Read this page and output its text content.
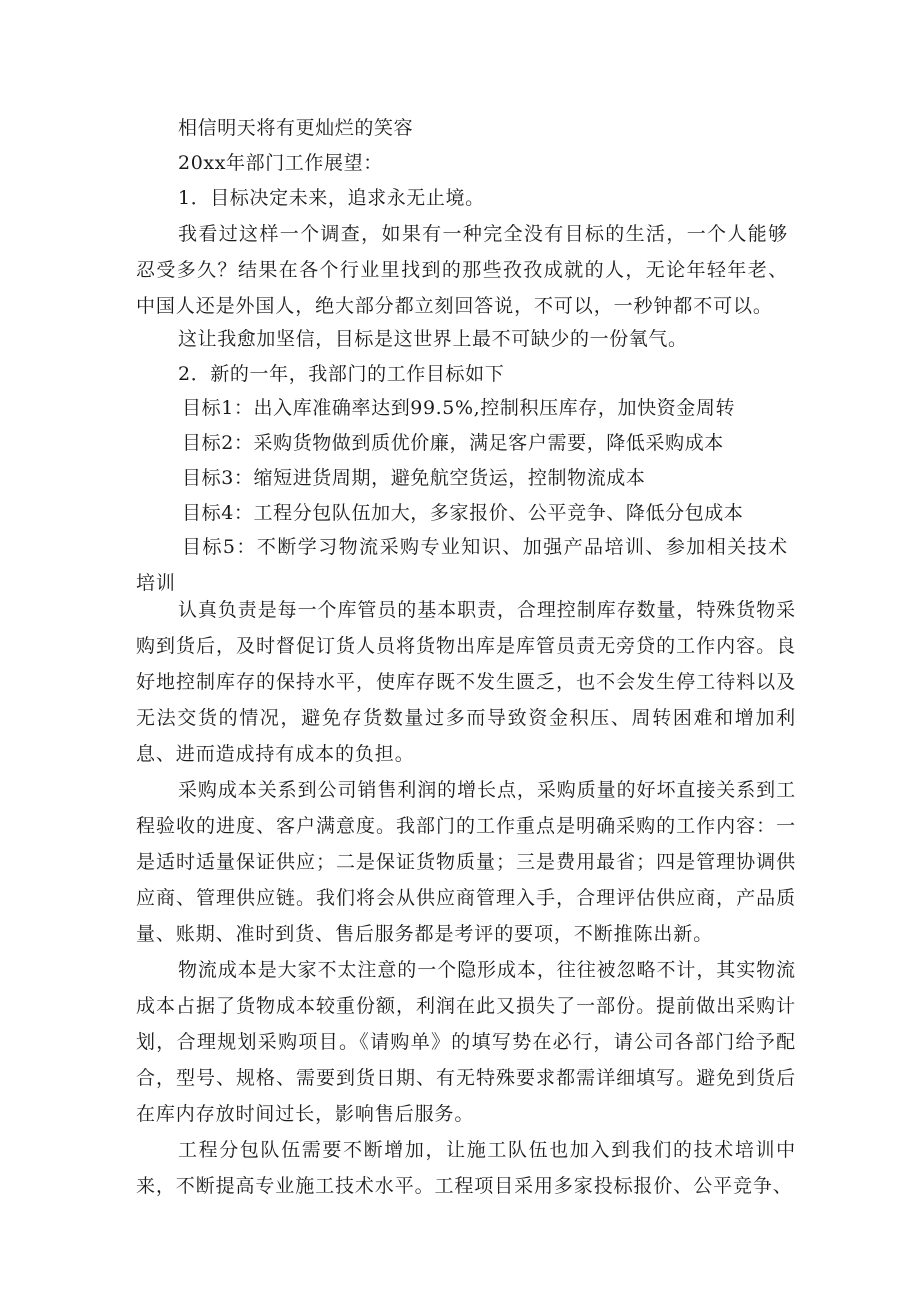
相信明天将有更灿烂的笑容
20xx年部门工作展望：
1．目标决定未来，追求永无止境。
我看过这样一个调查，如果有一种完全没有目标的生活，一个人能够忍受多久？结果在各个行业里找到的那些孜孜成就的人，无论年轻年老、中国人还是外国人，绝大部分都立刻回答说，不可以，一秒钟都不可以。
这让我愈加坚信，目标是这世界上最不可缺少的一份氧气。
2．新的一年，我部门的工作目标如下
目标1：出入库准确率达到99.5%,控制积压库存，加快资金周转
目标2：采购货物做到质优价廉，满足客户需要，降低采购成本
目标3：缩短进货周期，避免航空货运，控制物流成本
目标4：工程分包队伍加大，多家报价、公平竞争、降低分包成本
目标5：不断学习物流采购专业知识、加强产品培训、参加相关技术培训
认真负责是每一个库管员的基本职责，合理控制库存数量，特殊货物采购到货后，及时督促订货人员将货物出库是库管员责无旁贷的工作内容。良好地控制库存的保持水平，使库存既不发生匮乏，也不会发生停工待料以及无法交货的情况，避免存货数量过多而导致资金积压、周转困难和增加利息、进而造成持有成本的负担。
采购成本关系到公司销售利润的增长点，采购质量的好坏直接关系到工程验收的进度、客户满意度。我部门的工作重点是明确采购的工作内容：一是适时适量保证供应；二是保证货物质量；三是费用最省；四是管理协调供应商、管理供应链。我们将会从供应商管理入手，合理评估供应商，产品质量、账期、准时到货、售后服务都是考评的要项，不断推陈出新。
物流成本是大家不太注意的一个隐形成本，往往被忽略不计，其实物流成本占据了货物成本较重份额，利润在此又损失了一部份。提前做出采购计划，合理规划采购项目。《请购单》的填写势在必行，请公司各部门给予配合，型号、规格、需要到货日期、有无特殊要求都需详细填写。避免到货后在库内存放时间过长，影响售后服务。
工程分包队伍需要不断增加，让施工队伍也加入到我们的技术培训中来，不断提高专业施工技术水平。工程项目采用多家投标报价、公平竞争、
